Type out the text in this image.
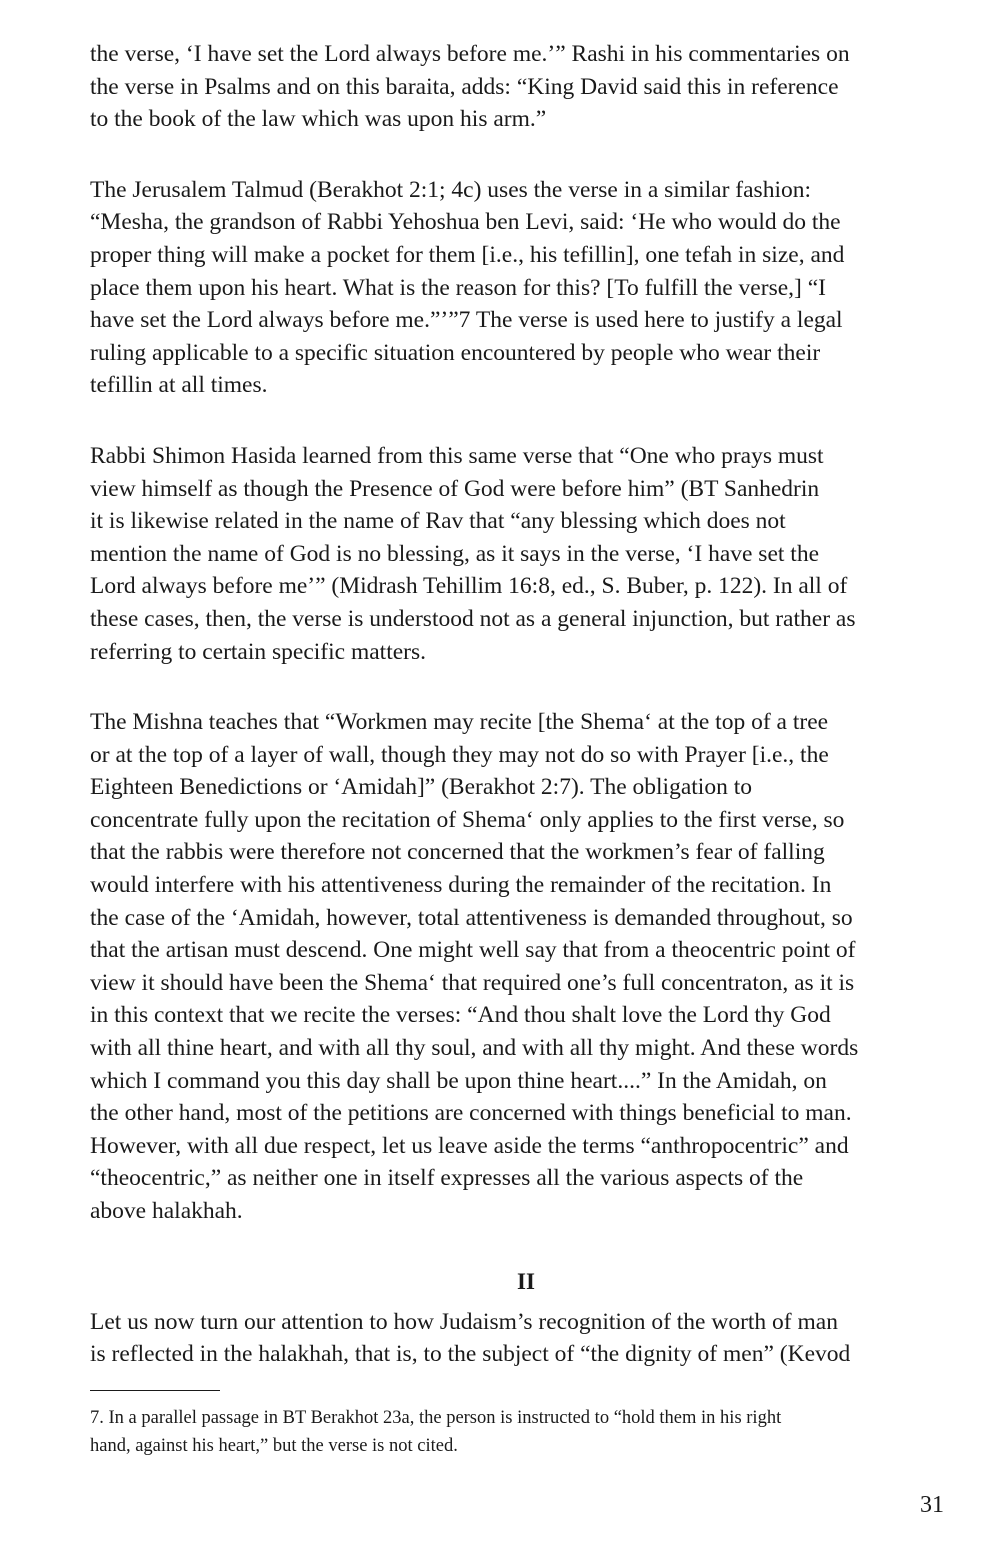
the verse, ‘I have set the Lord always before me.’” Rashi in his commentaries on
the verse in Psalms and on this baraita, adds: “King David said this in reference
to the book of the law which was upon his arm.”

The Jerusalem Talmud (Berakhot 2:1; 4c) uses the verse in a similar fashion:
“Mesha, the grandson of Rabbi Yehoshua ben Levi, said: ‘He who would do the
proper thing will make a pocket for them [i.e., his tefillin], one tefah in size, and
place them upon his heart. What is the reason for this? [To fulfill the verse,] “I
have set the Lord always before me.”’”7 The verse is used here to justify a legal
ruling applicable to a specific situation encountered by people who wear their
tefillin at all times.

Rabbi Shimon Hasida learned from this same verse that “One who prays must
view himself as though the Presence of God were before him” (BT Sanhedrin
it is likewise related in the name of Rav that “any blessing which does not
mention the name of God is no blessing, as it says in the verse, ‘I have set the
Lord always before me’” (Midrash Tehillim 16:8, ed., S. Buber, p. 122). In all of
these cases, then, the verse is understood not as a general injunction, but rather as
referring to certain specific matters.

The Mishna teaches that “Workmen may recite [the Shema‘ at the top of a tree
or at the top of a layer of wall, though they may not do so with Prayer [i.e., the
Eighteen Benedictions or ‘Amidah]” (Berakhot 2:7). The obligation to
concentrate fully upon the recitation of Shema‘ only applies to the first verse, so
that the rabbis were therefore not concerned that the workmen’s fear of falling
would interfere with his attentiveness during the remainder of the recitation. In
the case of the ‘Amidah, however, total attentiveness is demanded throughout, so
that the artisan must descend. One might well say that from a theocentric point of
view it should have been the Shema‘ that required one’s full concentraton, as it is
in this context that we recite the verses: “And thou shalt love the Lord thy God
with all thine heart, and with all thy soul, and with all thy might. And these words
which I command you this day shall be upon thine heart....” In the Amidah, on
the other hand, most of the petitions are concerned with things beneficial to man.
However, with all due respect, let us leave aside the terms “anthropocentric” and
“theocentric,” as neither one in itself expresses all the various aspects of the
above halakhah.

II

Let us now turn our attention to how Judaism’s recognition of the worth of man
is reflected in the halakhah, that is, to the subject of “the dignity of men” (Kevod

7. In a parallel passage in BT Berakhot 23a, the person is instructed to “hold them in his right
hand, against his heart,” but the verse is not cited.

31
